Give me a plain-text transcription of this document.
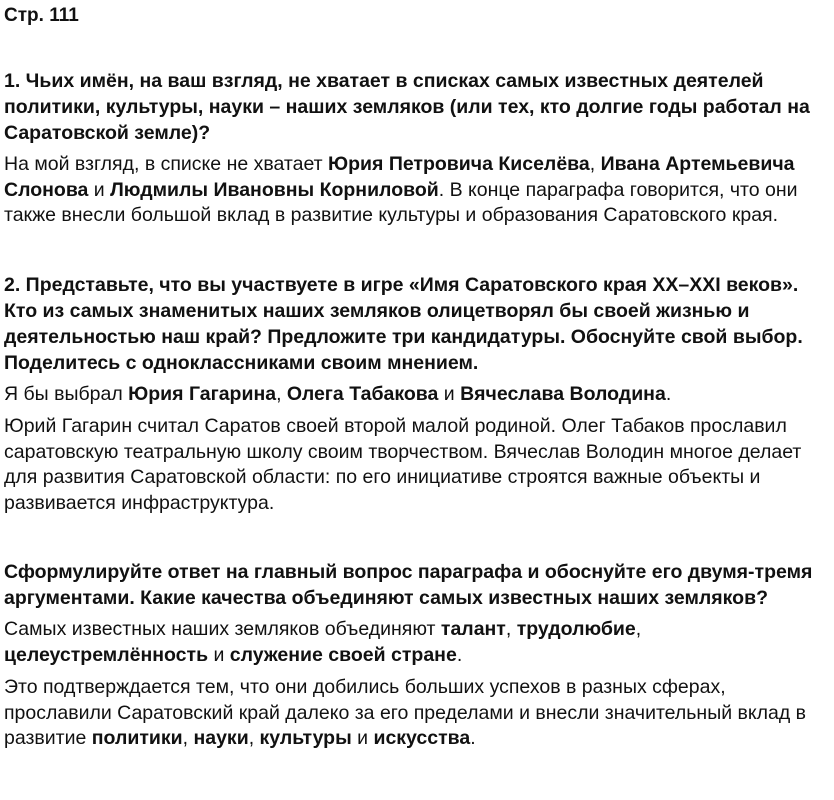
Стр. 111
1. Чьих имён, на ваш взгляд, не хватает в списках самых известных деятелей политики, культуры, науки – наших земляков (или тех, кто долгие годы работал на Саратовской земле)?
На мой взгляд, в списке не хватает Юрия Петровича Киселёва, Ивана Артемьевича Слонова и Людмилы Ивановны Корниловой. В конце параграфа говорится, что они также внесли большой вклад в развитие культуры и образования Саратовского края.
2. Представьте, что вы участвуете в игре «Имя Саратовского края XX–XXI веков». Кто из самых знаменитых наших земляков олицетворял бы своей жизнью и деятельностью наш край? Предложите три кандидатуры. Обоснуйте свой выбор. Поделитесь с одноклассниками своим мнением.
Я бы выбрал Юрия Гагарина, Олега Табакова и Вячеслава Володина.
Юрий Гагарин считал Саратов своей второй малой родиной. Олег Табаков прославил саратовскую театральную школу своим творчеством. Вячеслав Володин многое делает для развития Саратовской области: по его инициативе строятся важные объекты и развивается инфраструктура.
Сформулируйте ответ на главный вопрос параграфа и обоснуйте его двумя-тремя аргументами. Какие качества объединяют самых известных наших земляков?
Самых известных наших земляков объединяют талант, трудолюбие, целеустремлённость и служение своей стране.
Это подтверждается тем, что они добились больших успехов в разных сферах, прославили Саратовский край далеко за его пределами и внесли значительный вклад в развитие политики, науки, культуры и искусства.
